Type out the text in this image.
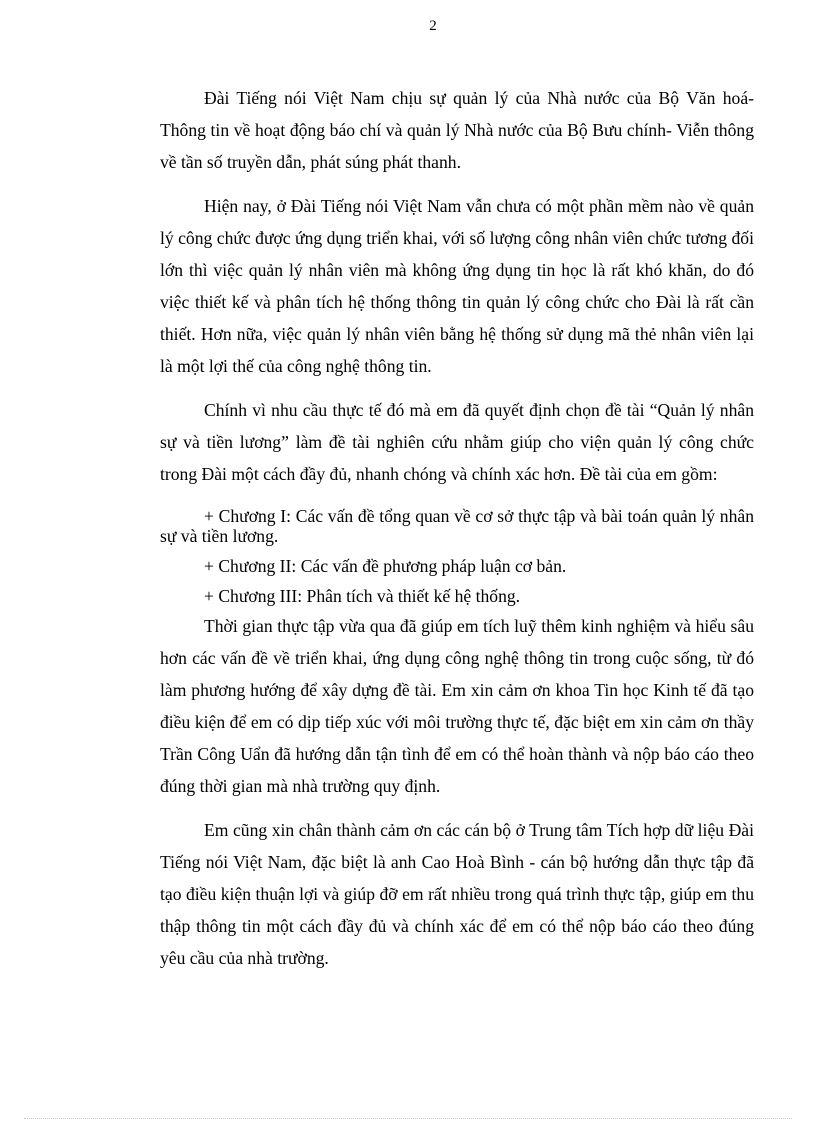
2

Đài Tiếng nói Việt Nam chịu sự quản lý của Nhà nước của Bộ Văn hoá- Thông tin về hoạt động báo chí và quản lý Nhà nước của Bộ Bưu chính- Viễn thông về tần số truyền dẫn, phát súng phát thanh.

Hiện nay, ở Đài Tiếng nói Việt Nam vẫn chưa có một phần mềm nào về quản lý công chức được ứng dụng triển khai, với số lượng công nhân viên chức tương đối lớn thì việc quản lý nhân viên mà không ứng dụng tin học là rất khó khăn, do đó việc thiết kế và phân tích hệ thống thông tin quản lý công chức cho Đài là rất cần thiết. Hơn nữa, việc quản lý nhân viên bằng hệ thống sử dụng mã thẻ nhân viên lại là một lợi thế của công nghệ thông tin.

Chính vì nhu cầu thực tế đó mà em đã quyết định chọn đề tài “Quản lý nhân sự và tiền lương” làm đề tài nghiên cứu nhằm giúp cho viện quản lý công chức trong Đài một cách đầy đủ, nhanh chóng và chính xác hơn. Đề tài của em gồm:

+ Chương I: Các vấn đề tổng quan về cơ sở thực tập và bài toán quản lý nhân sự và tiền lương.

+ Chương II: Các vấn đề phương pháp luận cơ bản.

+ Chương III: Phân tích và thiết kế hệ thống.

Thời gian thực tập vừa qua đã giúp em tích luỹ thêm kinh nghiệm và hiểu sâu hơn các vấn đề về triển khai, ứng dụng công nghệ thông tin trong cuộc sống, từ đó làm phương hướng để xây dựng đề tài. Em xin cảm ơn khoa Tin học Kinh tế đã tạo điều kiện để em có dịp tiếp xúc với môi trường thực tế, đặc biệt em xin cảm ơn thầy Trần Công Uẩn đã hướng dẫn tận tình để em có thể hoàn thành và nộp báo cáo theo đúng thời gian mà nhà trường quy định.

Em cũng xin chân thành cảm ơn các cán bộ ở Trung tâm Tích hợp dữ liệu Đài Tiếng nói Việt Nam, đặc biệt là anh Cao Hoà Bình - cán bộ hướng dẫn thực tập đã tạo điều kiện thuận lợi và giúp đỡ em rất nhiều trong quá trình thực tập, giúp em thu thập thông tin một cách đầy đủ và chính xác để em có thể nộp báo cáo theo đúng yêu cầu của nhà trường.
